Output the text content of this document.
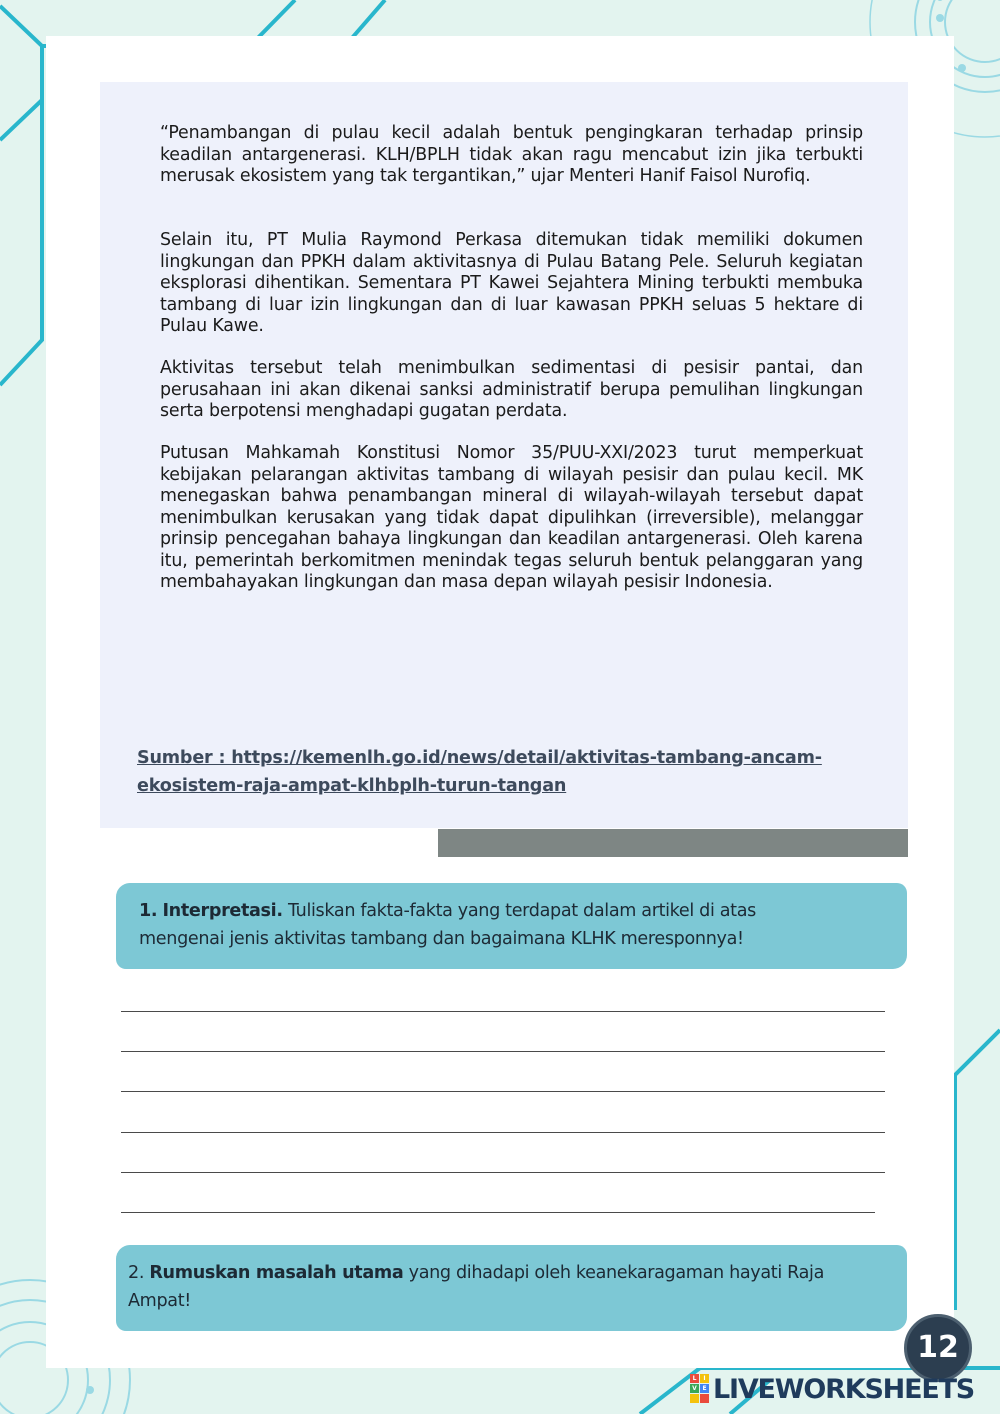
“Penambangan di pulau kecil adalah bentuk pengingkaran terhadap prinsip keadilan antargenerasi. KLH/BPLH tidak akan ragu mencabut izin jika terbukti merusak ekosistem yang tak tergantikan,” ujar Menteri Hanif Faisol Nurofiq.

Selain itu, PT Mulia Raymond Perkasa ditemukan tidak memiliki dokumen lingkungan dan PPKH dalam aktivitasnya di Pulau Batang Pele. Seluruh kegiatan eksplorasi dihentikan. Sementara PT Kawei Sejahtera Mining terbukti membuka tambang di luar izin lingkungan dan di luar kawasan PPKH seluas 5 hektare di Pulau Kawe.

Aktivitas tersebut telah menimbulkan sedimentasi di pesisir pantai, dan perusahaan ini akan dikenai sanksi administratif berupa pemulihan lingkungan serta berpotensi menghadapi gugatan perdata.

Putusan Mahkamah Konstitusi Nomor 35/PUU-XXI/2023 turut memperkuat kebijakan pelarangan aktivitas tambang di wilayah pesisir dan pulau kecil. MK menegaskan bahwa penambangan mineral di wilayah-wilayah tersebut dapat menimbulkan kerusakan yang tidak dapat dipulihkan (irreversible), melanggar prinsip pencegahan bahaya lingkungan dan keadilan antargenerasi. Oleh karena itu, pemerintah berkomitmen menindak tegas seluruh bentuk pelanggaran yang membahayakan lingkungan dan masa depan wilayah pesisir Indonesia.

Sumber : https://kemenlh.go.id/news/detail/aktivitas-tambang-ancam-ekosistem-raja-ampat-klhbplh-turun-tangan

1. Interpretasi. Tuliskan fakta-fakta yang terdapat dalam artikel di atas mengenai jenis aktivitas tambang dan bagaimana KLHK meresponnya!

2. Rumuskan masalah utama yang dihadapi oleh keanekaragaman hayati Raja Ampat!

12
L	I
V E LIVEWORKSHEETS
